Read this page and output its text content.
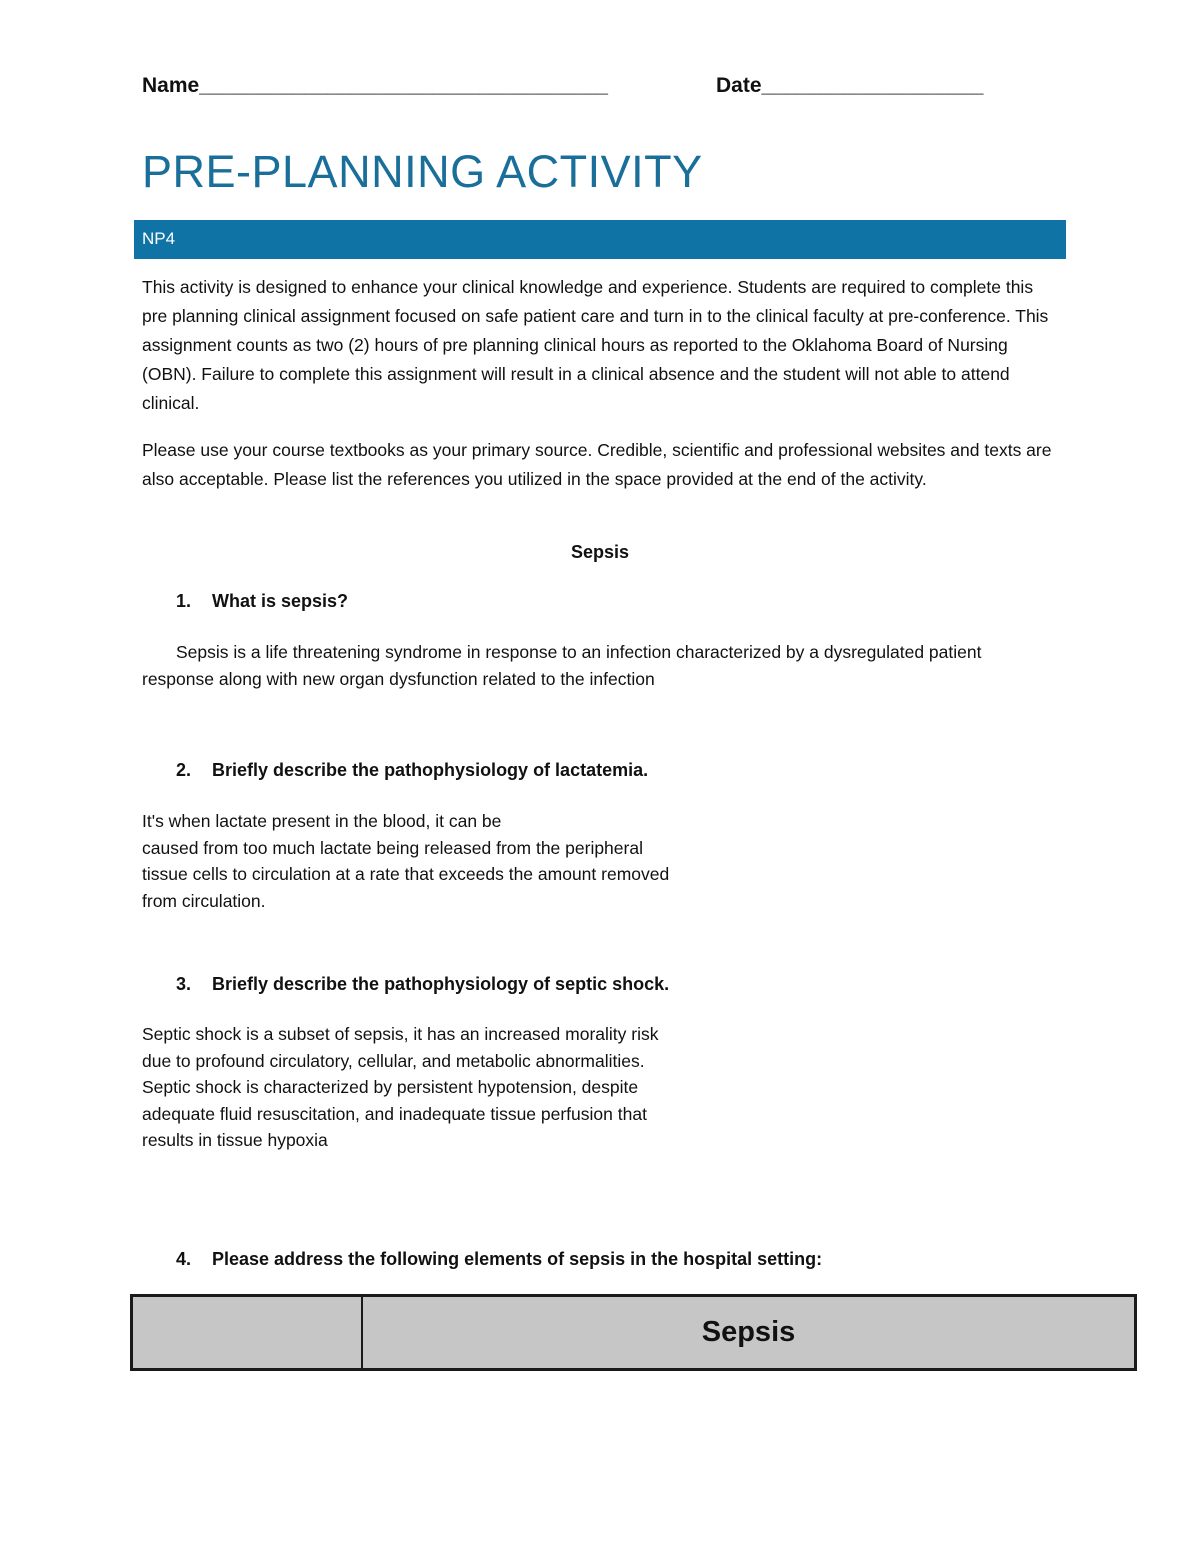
Name___________________________________	Date___________________
PRE-PLANNING ACTIVITY
NP4
This activity is designed to enhance your clinical knowledge and experience. Students are required to complete this pre planning clinical assignment focused on safe patient care and turn in to the clinical faculty at pre-conference. This assignment counts as two (2) hours of pre planning clinical hours as reported to the Oklahoma Board of Nursing (OBN). Failure to complete this assignment will result in a clinical absence and the student will not able to attend clinical.
Please use your course textbooks as your primary source. Credible, scientific and professional websites and texts are also acceptable. Please list the references you utilized in the space provided at the end of the activity.
Sepsis
1. What is sepsis?
Sepsis is a life threatening syndrome in response to an infection characterized by a dysregulated patient response along with new organ dysfunction related to the infection
2. Briefly describe the pathophysiology of lactatemia.
It's when lactate present in the blood, it can be
caused from too much lactate being released from the peripheral
tissue cells to circulation at a rate that exceeds the amount removed
from circulation.
3. Briefly describe the pathophysiology of septic shock.
Septic shock is a subset of sepsis, it has an increased morality risk
due to profound circulatory, cellular, and metabolic abnormalities.
Septic shock is characterized by persistent hypotension, despite
adequate fluid resuscitation, and inadequate tissue perfusion that
results in tissue hypoxia
4. Please address the following elements of sepsis in the hospital setting:
Sepsis
